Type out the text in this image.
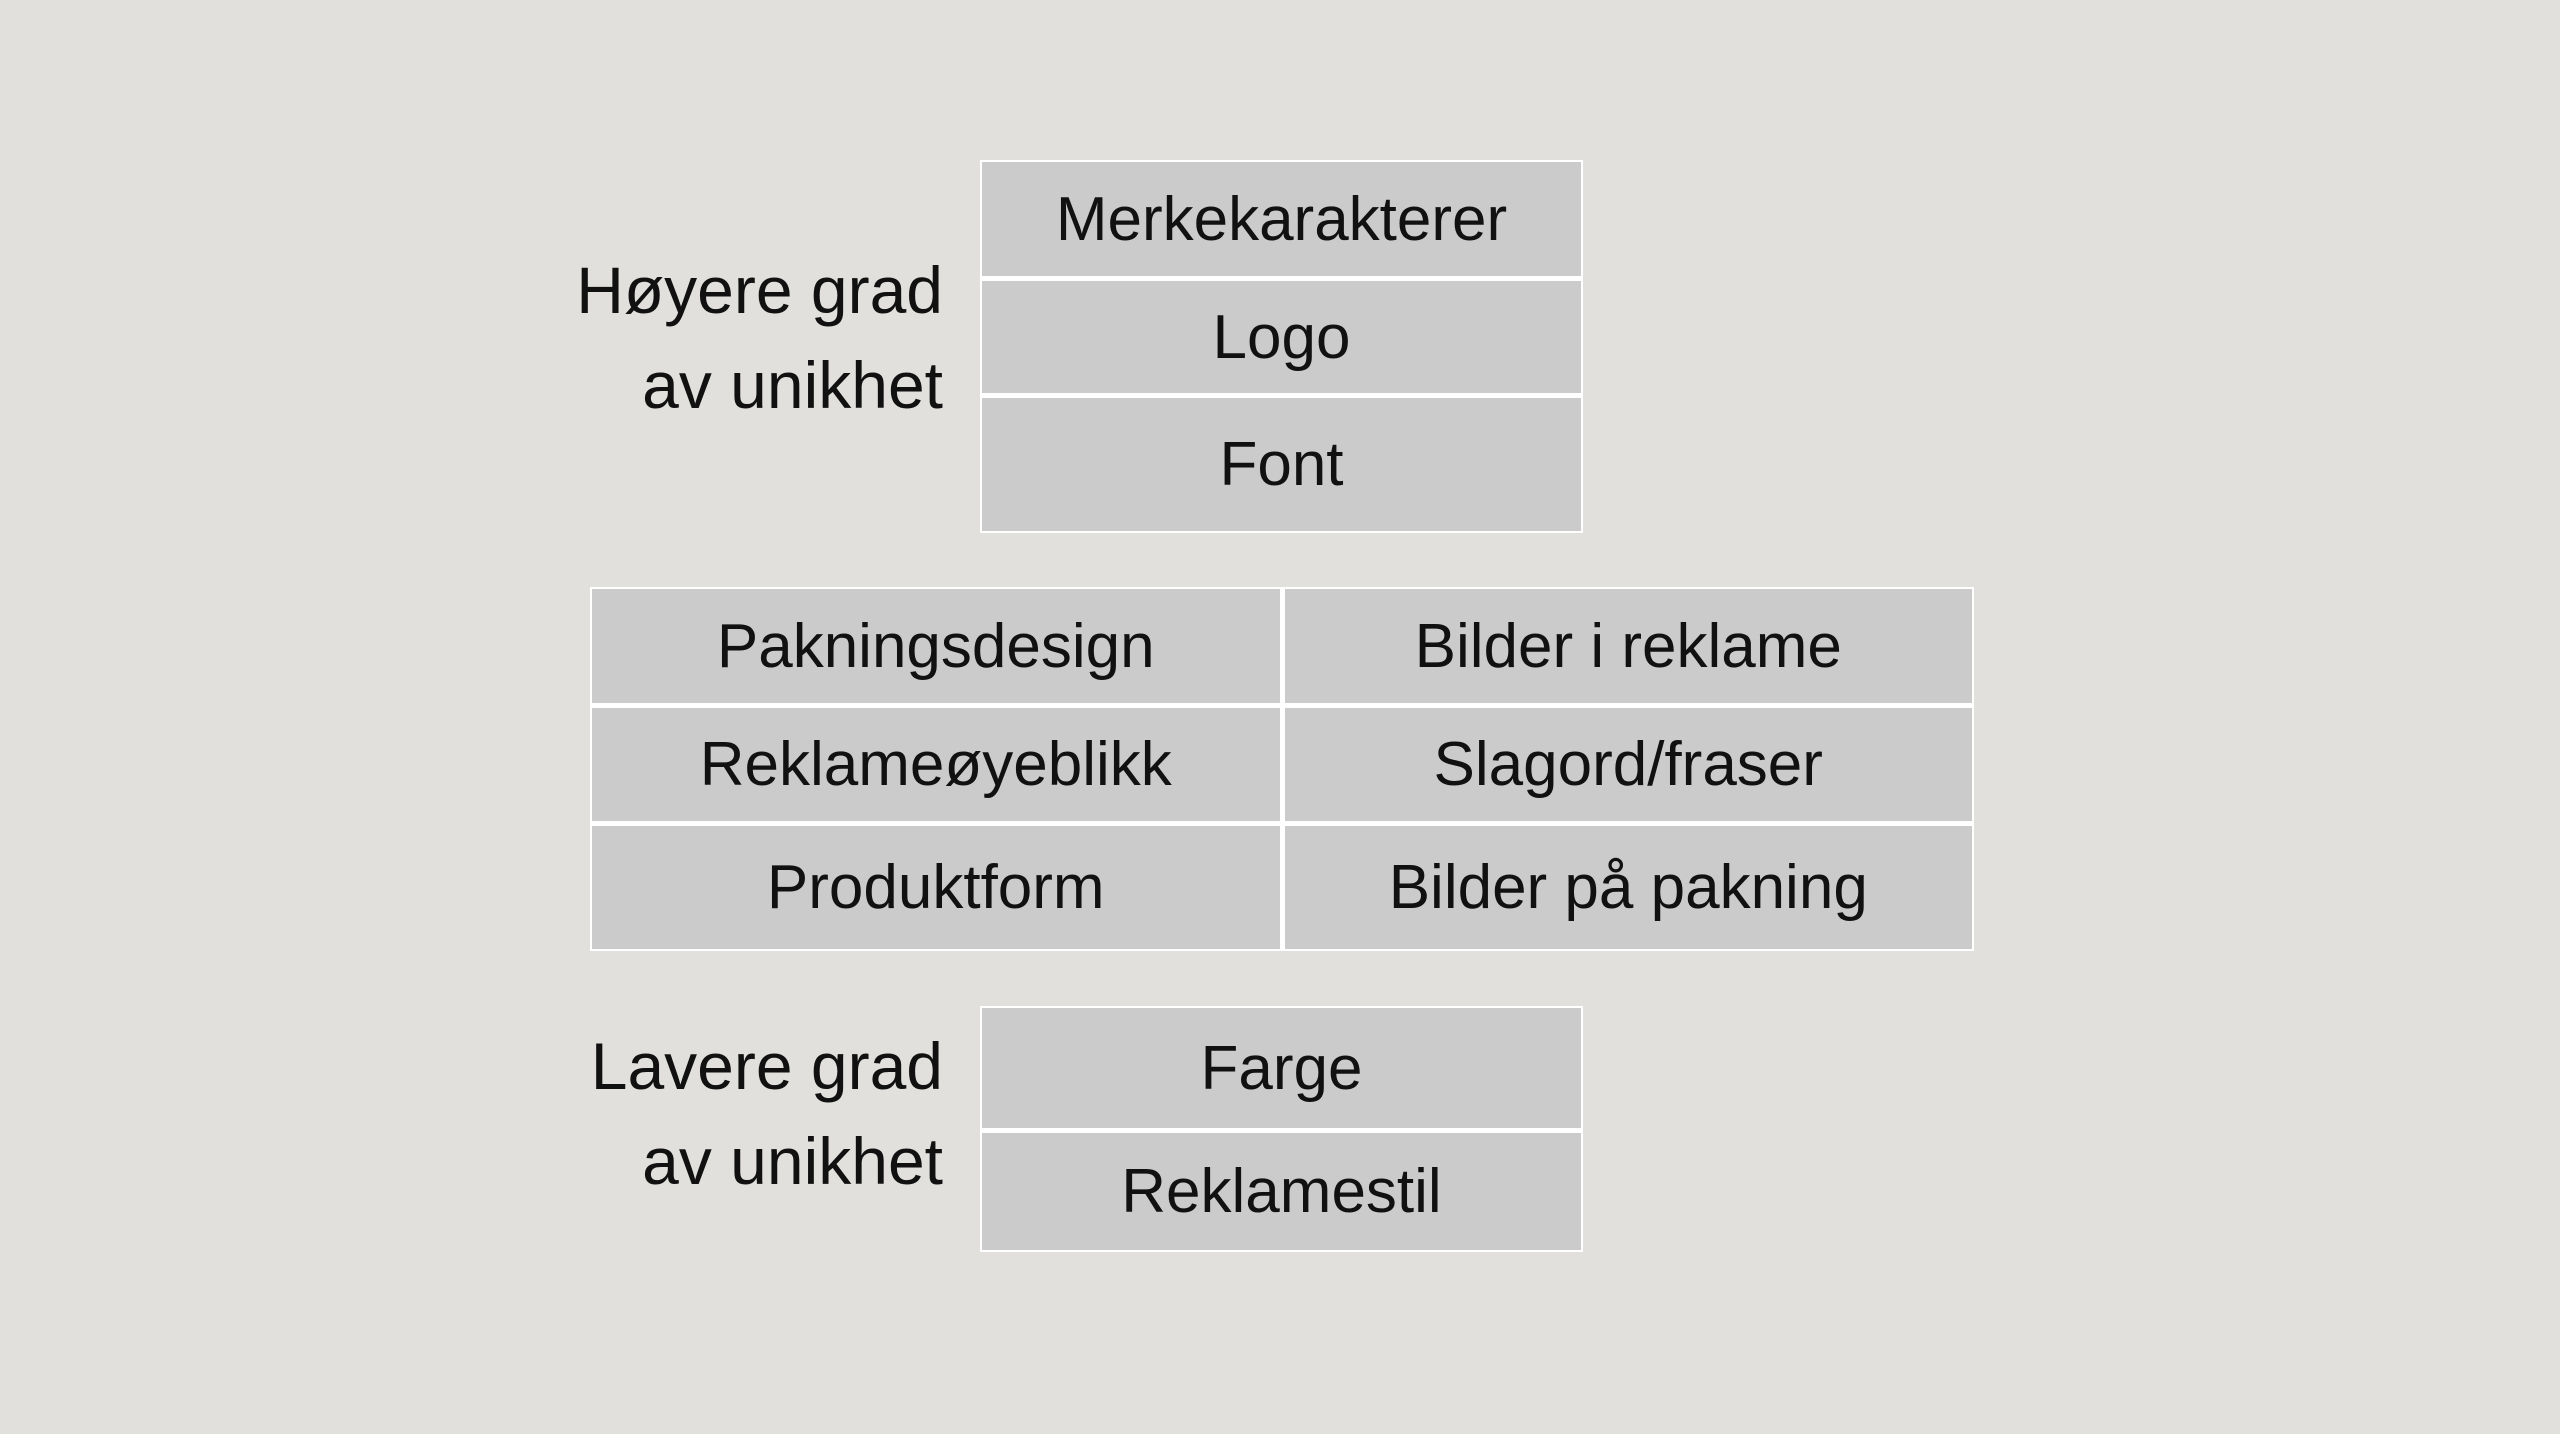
Høyere grad
av unikhet
Merkekarakterer
Logo
Font
Pakningsdesign	Bilder i reklame
Reklameøyeblikk	Slagord/fraser
Produktform	Bilder på pakning
Lavere grad
av unikhet
Farge
Reklamestil
